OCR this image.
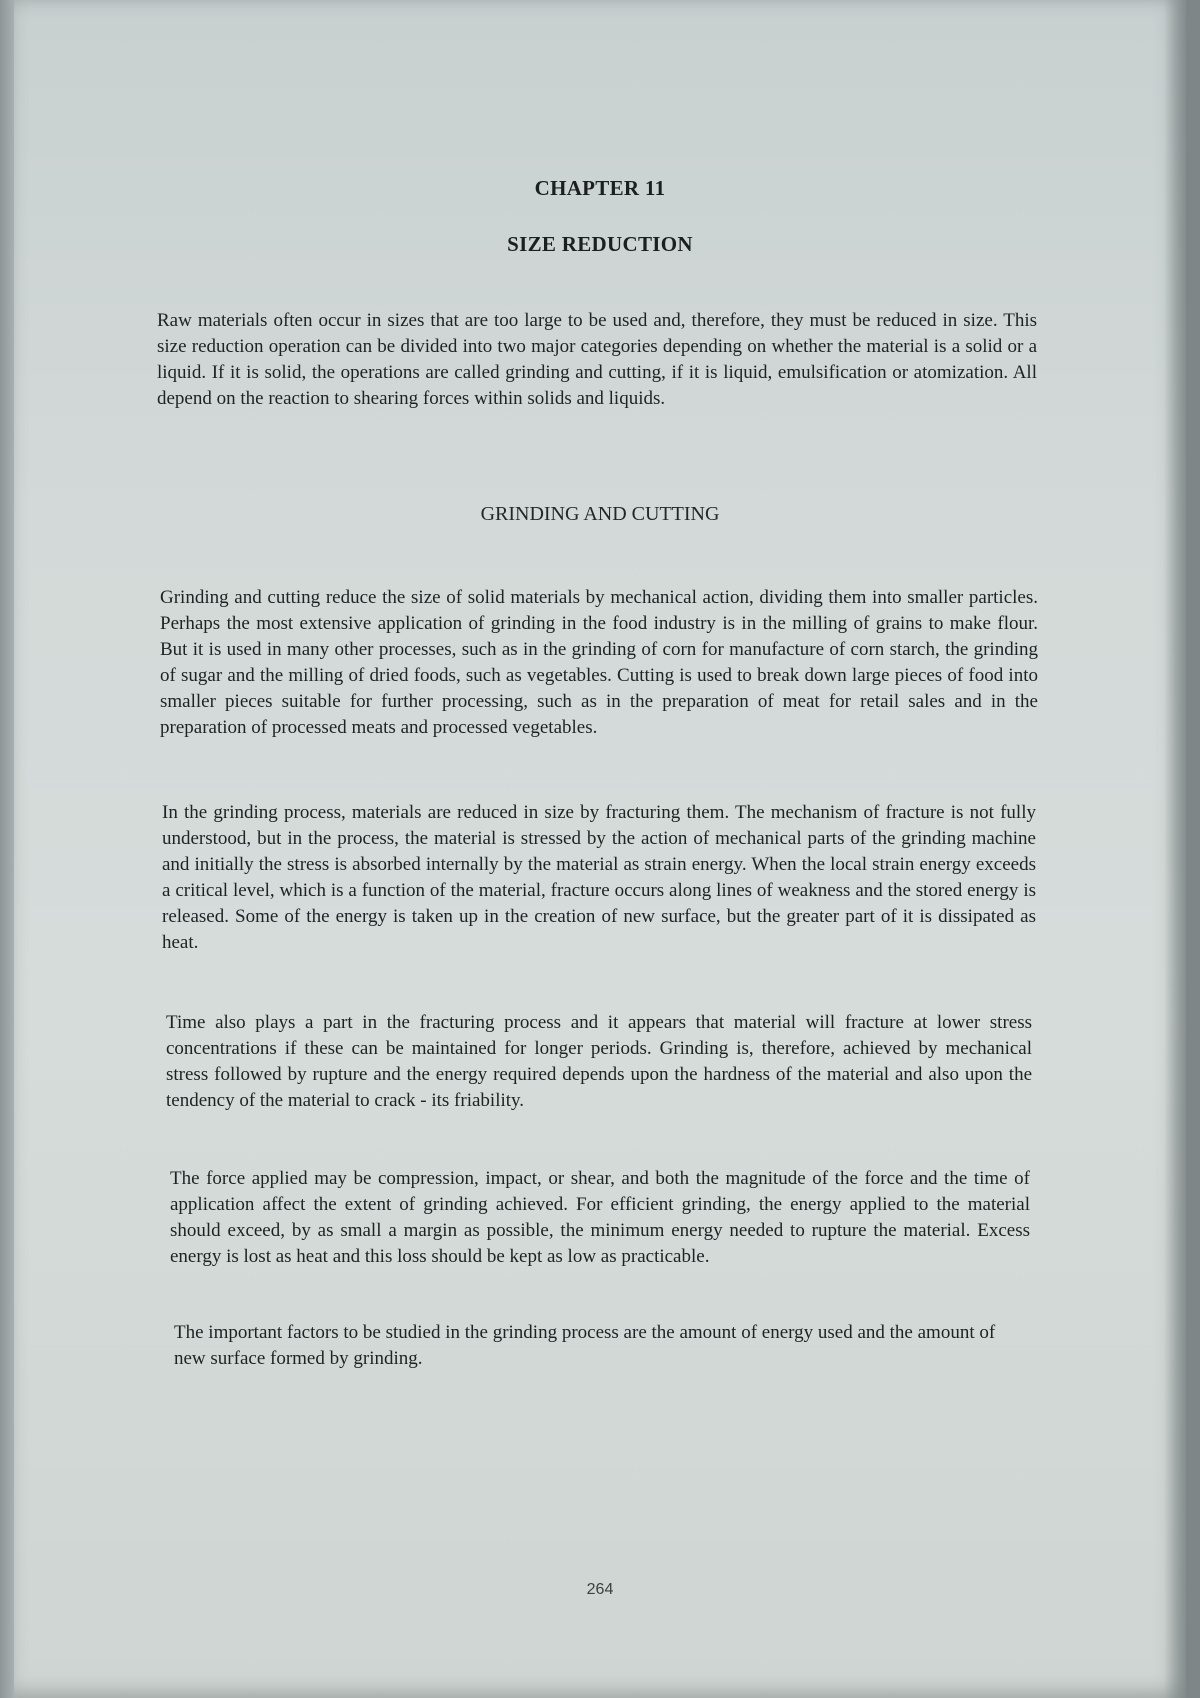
CHAPTER 11
SIZE REDUCTION

Raw materials often occur in sizes that are too large to be used and, therefore, they must be reduced in size. This size reduction operation can be divided into two major categories depending on whether the material is a solid or a liquid. If it is solid, the operations are called grinding and cutting, if it is liquid, emulsification or atomization. All depend on the reaction to shearing forces within solids and liquids.

GRINDING AND CUTTING

Grinding and cutting reduce the size of solid materials by mechanical action, dividing them into smaller particles. Perhaps the most extensive application of grinding in the food industry is in the milling of grains to make flour. But it is used in many other processes, such as in the grinding of corn for manufacture of corn starch, the grinding of sugar and the milling of dried foods, such as vegetables. Cutting is used to break down large pieces of food into smaller pieces suitable for further processing, such as in the preparation of meat for retail sales and in the preparation of processed meats and processed vegetables.

In the grinding process, materials are reduced in size by fracturing them. The mechanism of fracture is not fully understood, but in the process, the material is stressed by the action of mechanical parts of the grinding machine and initially the stress is absorbed internally by the material as strain energy. When the local strain energy exceeds a critical level, which is a function of the material, fracture occurs along lines of weakness and the stored energy is released. Some of the energy is taken up in the creation of new surface, but the greater part of it is dissipated as heat.

Time also plays a part in the fracturing process and it appears that material will fracture at lower stress concentrations if these can be maintained for longer periods. Grinding is, therefore, achieved by mechanical stress followed by rupture and the energy required depends upon the hardness of the material and also upon the tendency of the material to crack - its friability.

The force applied may be compression, impact, or shear, and both the magnitude of the force and the time of application affect the extent of grinding achieved. For efficient grinding, the energy applied to the material should exceed, by as small a margin as possible, the minimum energy needed to rupture the material. Excess energy is lost as heat and this loss should be kept as low as practicable.

The important factors to be studied in the grinding process are the amount of energy used and the amount of new surface formed by grinding.

264
